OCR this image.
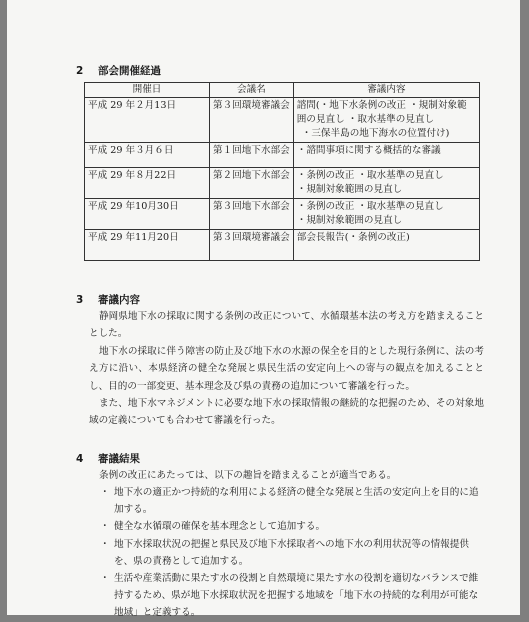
2 部会開催経過
開催日	会議名	審議内容
平成 29 年２月13日	第３回環境審議会	諮問(・地下水条例の改正 ・規制対象範
囲の見直し ・取水基準の見直し
・三保半島の地下海水の位置付け)

平成 29 年３月６日	第１回地下水部会	・諮問事項に関する概括的な審議

平成 29 年８月22日	第２回地下水部会	・条例の改正 ・取水基準の見直し
・規制対象範囲の見直し

平成 29 年10月30日	第３回地下水部会	・条例の改正 ・取水基準の見直し
・規制対象範囲の見直し

平成 29 年11月20日	第３回環境審議会	部会長報告(・条例の改正)
3 審議内容

静岡県地下水の採取に関する条例の改正について、水循環基本法の考え方を踏まえることとした。

地下水の採取に伴う障害の防止及び地下水の水源の保全を目的とした現行条例に、法の考え方に沿い、本県経済の健全な発展と県民生活の安定向上への寄与の観点を加えることとし、目的の一部変更、基本理念及び県の責務の追加について審議を行った。

また、地下水マネジメントに必要な地下水の採取情報の継続的な把握のため、その対象地域の定義についても合わせて審議を行った。

4 審議結果

条例の改正にあたっては、以下の趣旨を踏まえることが適当である。

・ 地下水の適正かつ持続的な利用による経済の健全な発展と生活の安定向上を目的に追加する。
・ 健全な水循環の確保を基本理念として追加する。
・ 地下水採取状況の把握と県民及び地下水採取者への地下水の利用状況等の情報提供を、県の責務として追加する。
・ 生活や産業活動に果たす水の役割と自然環境に果たす水の役割を適切なバランスで維持するため、県が地下水採取状況を把握する地域を「地下水の持続的な利用が可能な地域」と定義する。
